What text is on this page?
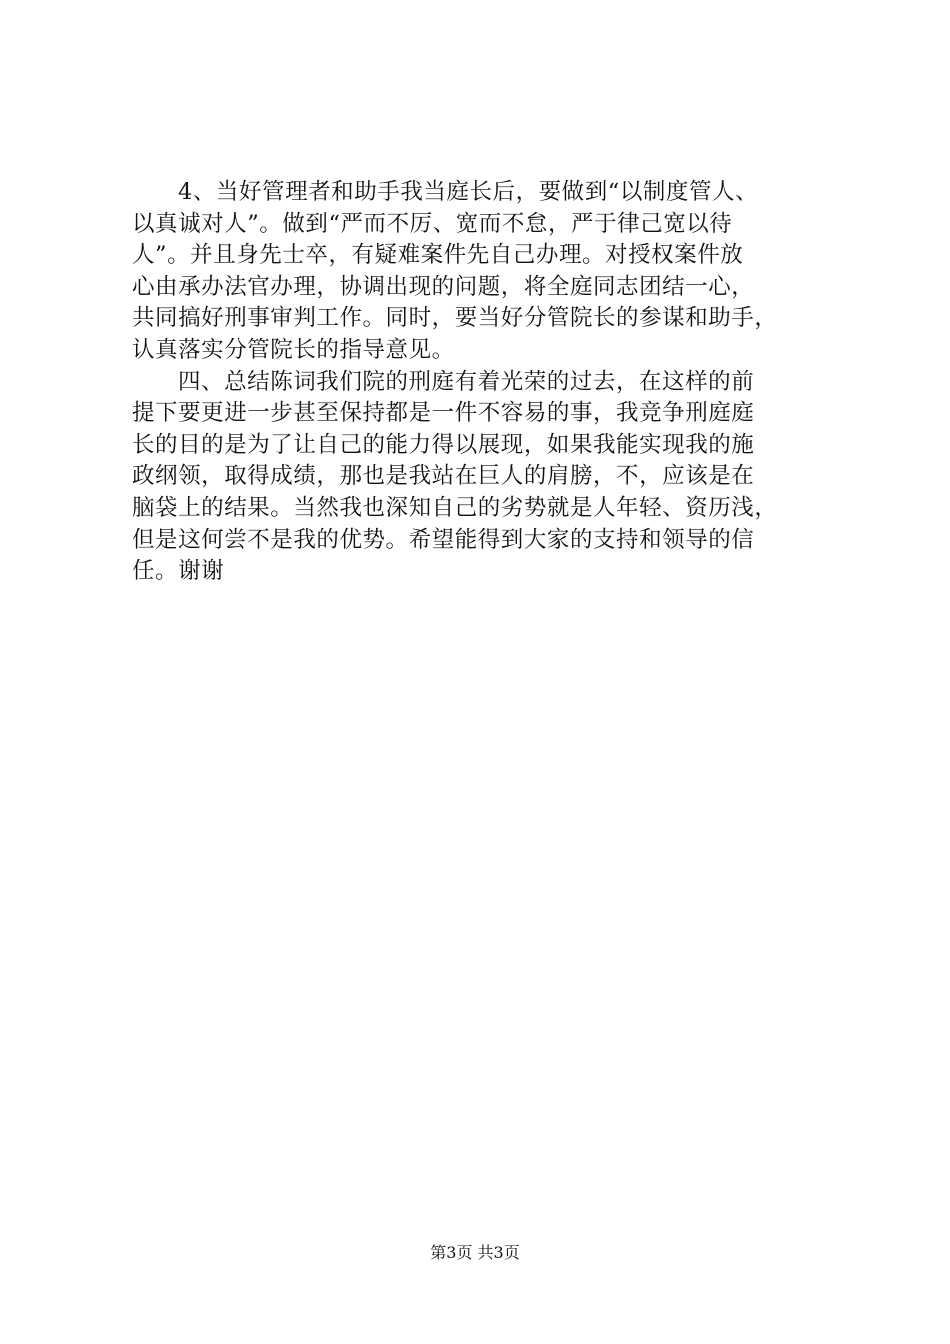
4、当好管理者和助手我当庭长后，要做到“以制度管人、
以真诚对人”。做到“严而不厉、宽而不怠，严于律己宽以待
人”。并且身先士卒，有疑难案件先自己办理。对授权案件放
心由承办法官办理，协调出现的问题，将全庭同志团结一心，
共同搞好刑事审判工作。同时，要当好分管院长的参谋和助手，
认真落实分管院长的指导意见。
四、总结陈词我们院的刑庭有着光荣的过去，在这样的前
提下要更进一步甚至保持都是一件不容易的事，我竞争刑庭庭
长的目的是为了让自己的能力得以展现，如果我能实现我的施
政纲领，取得成绩，那也是我站在巨人的肩膀，不，应该是在
脑袋上的结果。当然我也深知自己的劣势就是人年轻、资历浅，
但是这何尝不是我的优势。希望能得到大家的支持和领导的信
任。谢谢
第3页 共3页
